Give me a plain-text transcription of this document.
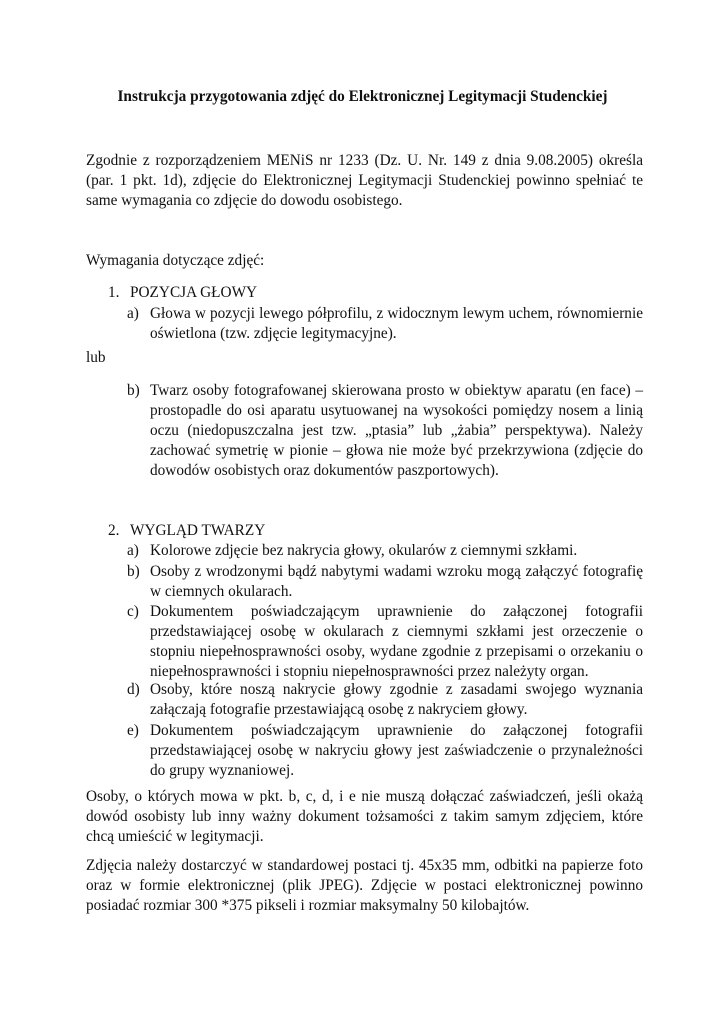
Instrukcja przygotowania zdjęć do Elektronicznej Legitymacji Studenckiej
Zgodnie z rozporządzeniem MENiS nr 1233 (Dz. U. Nr. 149 z dnia 9.08.2005) określa (par. 1 pkt. 1d), zdjęcie do Elektronicznej Legitymacji Studenckiej powinno spełniać te same wymagania co zdjęcie do dowodu osobistego.
Wymagania dotyczące zdjęć:
1. POZYCJA GŁOWY
a) Głowa w pozycji lewego półprofilu, z widocznym lewym uchem, równomiernie oświetlona (tzw. zdjęcie legitymacyjne).
lub
b) Twarz osoby fotografowanej skierowana prosto w obiektyw aparatu (en face) – prostopadle do osi aparatu usytuowanej na wysokości pomiędzy nosem a linią oczu (niedopuszczalna jest tzw. „ptasia” lub „żabia” perspektywa). Należy zachować symetrię w pionie – głowa nie może być przekrzywiona (zdjęcie do dowodów osobistych oraz dokumentów paszportowych).
2. WYGLĄD TWARZY
a) Kolorowe zdjęcie bez nakrycia głowy, okularów z ciemnymi szkłami.
b) Osoby z wrodzonymi bądź nabytymi wadami wzroku mogą załączyć fotografię w ciemnych okularach.
c) Dokumentem poświadczającym uprawnienie do załączonej fotografii przedstawiającej osobę w okularach z ciemnymi szkłami jest orzeczenie o stopniu niepełnosprawności osoby, wydane zgodnie z przepisami o orzekaniu o niepełnosprawności i stopniu niepełnosprawności przez należyty organ.
d) Osoby, które noszą nakrycie głowy zgodnie z zasadami swojego wyznania załączają fotografie przestawiającą osobę z nakryciem głowy.
e) Dokumentem poświadczającym uprawnienie do załączonej fotografii przedstawiającej osobę w nakryciu głowy jest zaświadczenie o przynależności do grupy wyznaniowej.
Osoby, o których mowa w pkt. b, c, d, i e nie muszą dołączać zaświadczeń, jeśli okażą dowód osobisty lub inny ważny dokument tożsamości z takim samym zdjęciem, które chcą umieścić w legitymacji.
Zdjęcia należy dostarczyć w standardowej postaci tj. 45x35 mm, odbitki na papierze foto oraz w formie elektronicznej (plik JPEG). Zdjęcie w postaci elektronicznej powinno posiadać rozmiar 300 *375 pikseli i rozmiar maksymalny 50 kilobajtów.
